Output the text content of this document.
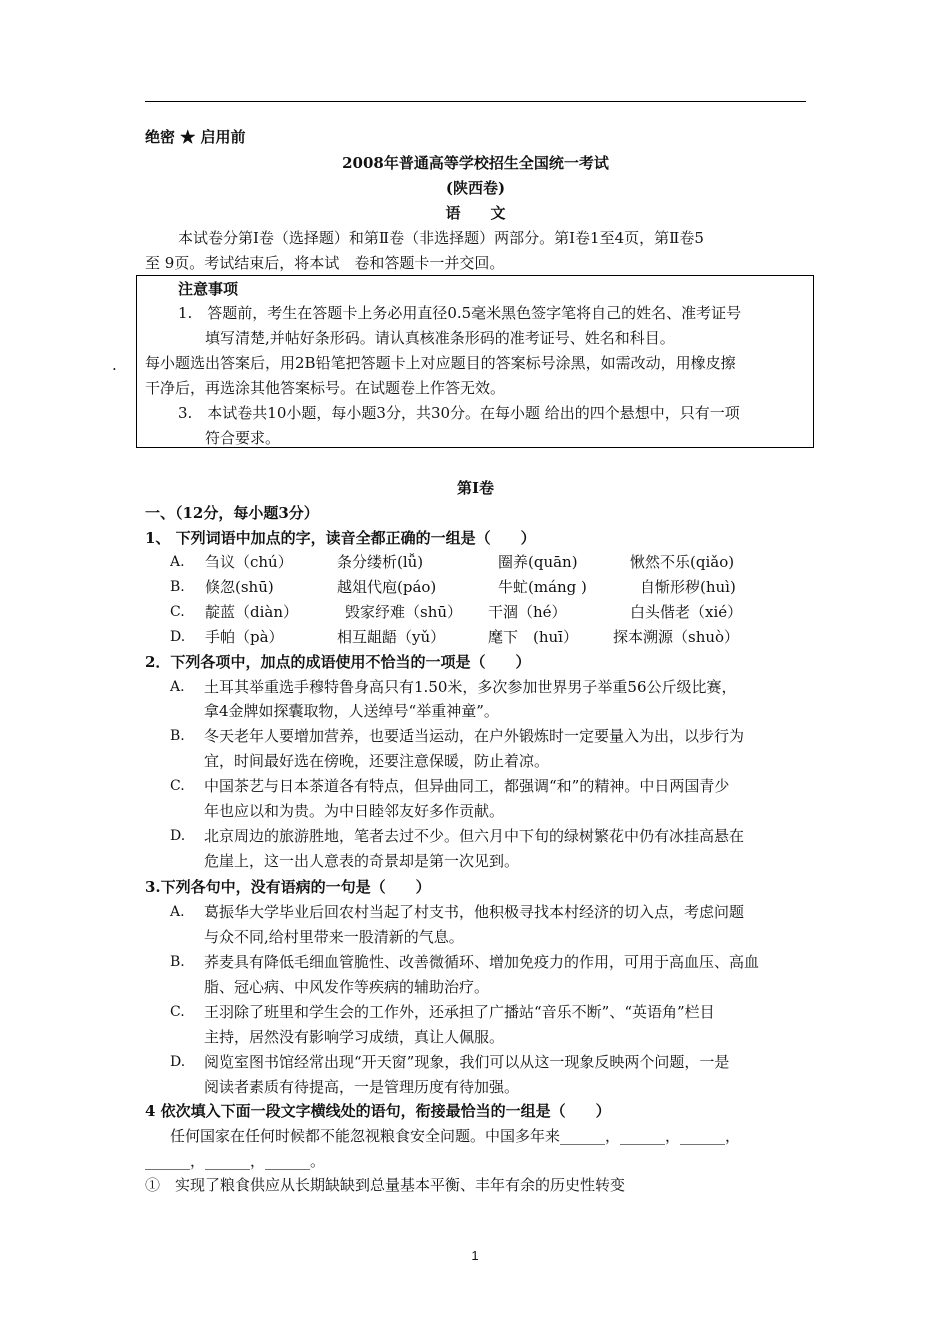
绝密 ★ 启用前
2008年普通高等学校招生全国统一考试
(陕西卷)
语　　文
本试卷分第Ⅰ卷（选择题）和第Ⅱ卷（非选择题）两部分。第Ⅰ卷1至4页，第Ⅱ卷5
至 9页。考试结束后，将本试　卷和答题卡一并交回。
注意事项
1.　答题前，考生在答题卡上务必用直径0.5毫米黑色签字笔将自己的姓名、准考证号
填写清楚,并帖好条形码。请认真核准条形码的准考证号、姓名和科目。
. 每小题选出答案后，用2B铅笔把答题卡上对应题目的答案标号涂黑，如需改动，用橡皮擦
干净后，再选涂其他答案标号。在试题卷上作答无效。
3.　本试卷共10小题，每小题3分，共30分。在每小题 给出的四个悬想中，只有一项
符合要求。
第Ⅰ卷
一、（12分，每小题3分）
1、 下列词语中加点的字，读音全都正确的一组是（　　）
A. 刍议（chú）	条分缕析(lǚ)	圈养(quān)	愀然不乐(qiǎo)
B. 倏忽(shū)	越俎代庖(páo)	牛虻(máng )	自惭形秽(huì)
C. 靛蓝（diàn）	毁家纾难（shū） 干涸（hé）	白头偕老（xié）
D. 手帕（pà）	相互龃龉（yǔ）	麾下　(huī） 探本溯源（shuò）
2．下列各项中，加点的成语使用不恰当的一项是（　　）
A. 土耳其举重选手穆特鲁身高只有1.50米，多次参加世界男子举重56公斤级比赛，
拿4金牌如探囊取物，人送绰号“举重神童”。
B. 冬天老年人要增加营养，也要适当运动，在户外锻炼时一定要量入为出，以步行为
宜，时间最好选在傍晚，还要注意保暖，防止着凉。
C. 中国茶艺与日本茶道各有特点，但异曲同工，都强调“和”的精神。中日两国青少
年也应以和为贵。为中日睦邻友好多作贡献。
D. 北京周边的旅游胜地，笔者去过不少。但六月中下旬的绿树繁花中仍有冰挂高悬在
危崖上，这一出人意表的奇景却是第一次见到。
3.下列各句中，没有语病的一句是（　　）
A. 葛振华大学毕业后回农村当起了村支书，他积极寻找本村经济的切入点，考虑问题
与众不同,给村里带来一股清新的气息。
B. 荞麦具有降低毛细血管脆性、改善微循环、增加免疫力的作用，可用于高血压、高血
脂、冠心病、中风发作等疾病的辅助治疗。
C. 王羽除了班里和学生会的工作外，还承担了广播站“音乐不断”、“英语角”栏目
主持，居然没有影响学习成绩，真让人佩服。
D. 阅览室图书馆经常出现“开天窗”现象，我们可以从这一现象反映两个问题，一是
阅读者素质有待提高，一是管理历度有待加强。
4 依次填入下面一段文字横线处的语句，衔接最恰当的一组是（　　）
任何国家在任何时候都不能忽视粮食安全问题。中国多年来______，______，______，
______，______，______。
①　实现了粮食供应从长期缺缺到总量基本平衡、丰年有余的历史性转变
1
